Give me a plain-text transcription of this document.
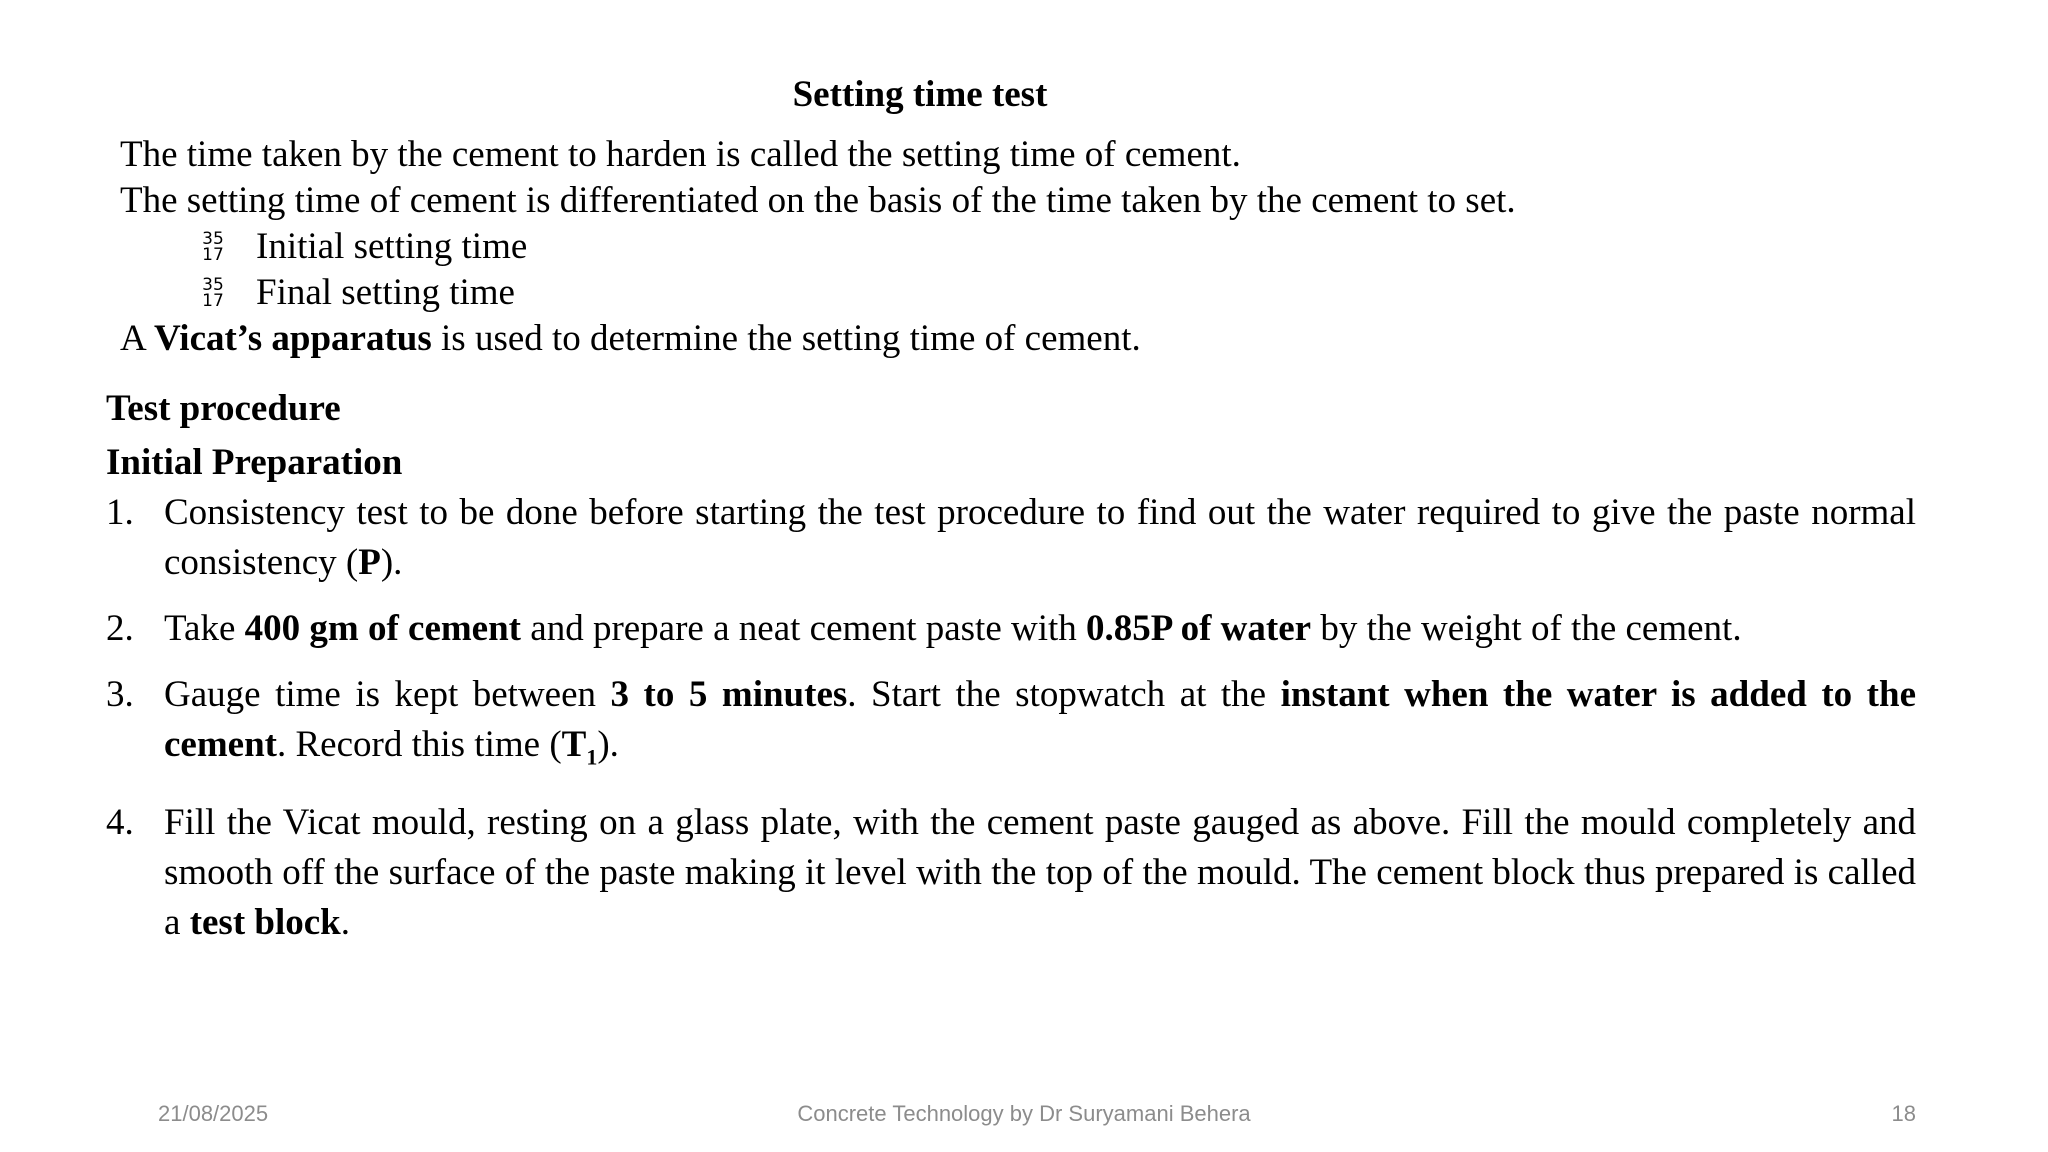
Setting time test

The time taken by the cement to harden is called the setting time of cement.

The setting time of cement is differentiated on the basis of the time taken by the cement to set.

35
17 Initial setting time

35
17 Final setting time

A Vicat’s apparatus is used to determine the setting time of cement.

Test procedure
Initial Preparation
1. Consistency test to be done before starting the test procedure to find out the water required to give the paste normal consistency (P).
2. Take 400 gm of cement and prepare a neat cement paste with 0.85P of water by the weight of the cement.
3. Gauge time is kept between 3 to 5 minutes. Start the stopwatch at the instant when the water is added to the cement. Record this time $(T_1)$.
4. Fill the Vicat mould, resting on a glass plate, with the cement paste gauged as above. Fill the mould completely and smooth off the surface of the paste making it level with the top of the mould. The cement block thus prepared is called a test block.
21/08/2025	Concrete Technology by Dr Suryamani Behera	18
